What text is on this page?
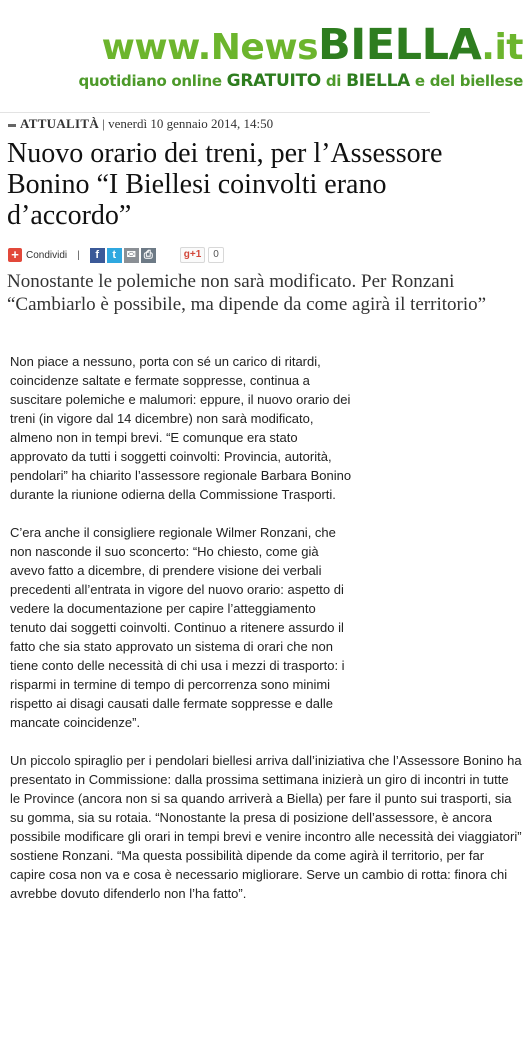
www.NewsBIELLA.it
quotidiano online GRATUITO di BIELLA e del biellese
ATTUALITÀ | venerdì 10 gennaio 2014, 14:50
Nuovo orario dei treni, per l’Assessore Bonino “I Biellesi coinvolti erano d’accordo”
+ Condividi |	f	t ✉ ⎙	g+1	0
Nonostante le polemiche non sarà modificato. Per Ronzani “Cambiarlo è possibile, ma dipende da come agirà il territorio”

Non piace a nessuno, porta con sé un carico di ritardi, coincidenze saltate e fermate soppresse, continua a suscitare polemiche e malumori: eppure, il nuovo orario dei treni (in vigore dal 14 dicembre) non sarà modificato, almeno non in tempi brevi. “E comunque era stato approvato da tutti i soggetti coinvolti: Provincia, autorità, pendolari” ha chiarito l’assessore regionale Barbara Bonino durante la riunione odierna della Commissione Trasporti.

C’era anche il consigliere regionale Wilmer Ronzani, che non nasconde il suo sconcerto: “Ho chiesto, come già avevo fatto a dicembre, di prendere visione dei verbali precedenti all’entrata in vigore del nuovo orario: aspetto di vedere la documentazione per capire l’atteggiamento tenuto dai soggetti coinvolti. Continuo a ritenere assurdo il fatto che sia stato approvato un sistema di orari che non tiene conto delle necessità di chi usa i mezzi di trasporto: i risparmi in termine di tempo di percorrenza sono minimi rispetto ai disagi causati dalle fermate soppresse e dalle mancate coincidenze”.

Un piccolo spiraglio per i pendolari biellesi arriva dall’iniziativa che l’Assessore Bonino ha presentato in Commissione: dalla prossima settimana inizierà un giro di incontri in tutte le Province (ancora non si sa quando arriverà a Biella) per fare il punto sui trasporti, sia su gomma, sia su rotaia. “Nonostante la presa di posizione dell’assessore, è ancora possibile modificare gli orari in tempi brevi e venire incontro alle necessità dei viaggiatori” sostiene Ronzani. “Ma questa possibilità dipende da come agirà il territorio, per far capire cosa non va e cosa è necessario migliorare. Serve un cambio di rotta: finora chi avrebbe dovuto difenderlo non l’ha fatto”.
